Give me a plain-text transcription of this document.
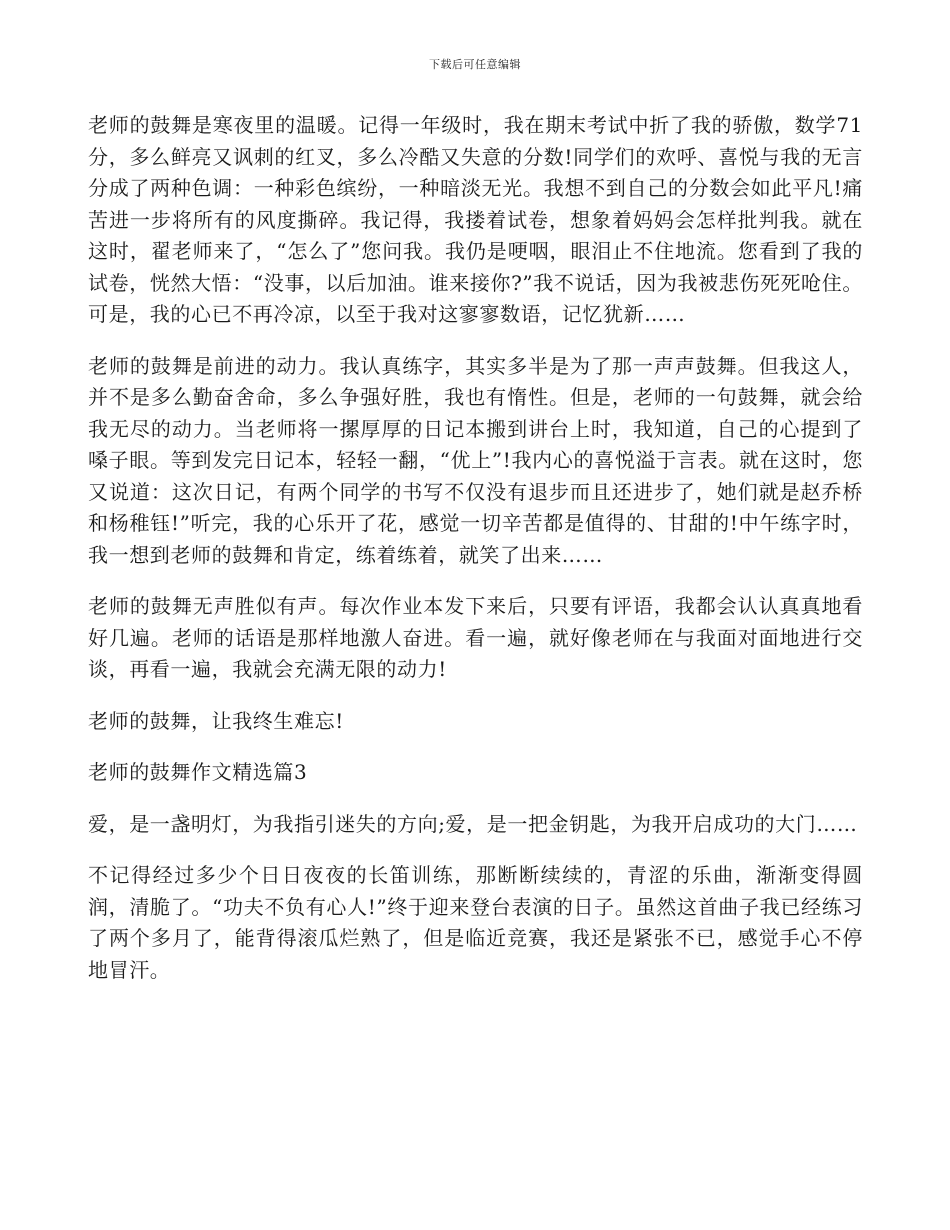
下载后可任意编辑

老师的鼓舞是寒夜里的温暖。记得一年级时，我在期末考试中折了我的骄傲，数学71分，多么鲜亮又讽刺的红叉，多么冷酷又失意的分数!同学们的欢呼、喜悦与我的无言分成了两种色调：一种彩色缤纷，一种暗淡无光。我想不到自己的分数会如此平凡!痛苦进一步将所有的风度撕碎。我记得，我搂着试卷，想象着妈妈会怎样批判我。就在这时，翟老师来了，“怎么了”您问我。我仍是哽咽，眼泪止不住地流。您看到了我的试卷，恍然大悟：“没事，以后加油。谁来接你?”我不说话，因为我被悲伤死死呛住。可是，我的心已不再冷凉，以至于我对这寥寥数语，记忆犹新……

老师的鼓舞是前进的动力。我认真练字，其实多半是为了那一声声鼓舞。但我这人，并不是多么勤奋舍命，多么争强好胜，我也有惰性。但是，老师的一句鼓舞，就会给我无尽的动力。当老师将一摞厚厚的日记本搬到讲台上时，我知道，自己的心提到了嗓子眼。等到发完日记本，轻轻一翻，“优上”!我内心的喜悦溢于言表。就在这时，您又说道：这次日记，有两个同学的书写不仅没有退步而且还进步了，她们就是赵乔桥和杨稚钰!”听完，我的心乐开了花，感觉一切辛苦都是值得的、甘甜的!中午练字时，我一想到老师的鼓舞和肯定，练着练着，就笑了出来……

老师的鼓舞无声胜似有声。每次作业本发下来后，只要有评语，我都会认认真真地看好几遍。老师的话语是那样地激人奋进。看一遍，就好像老师在与我面对面地进行交谈，再看一遍，我就会充满无限的动力!

老师的鼓舞，让我终生难忘!

老师的鼓舞作文精选篇3

爱，是一盏明灯，为我指引迷失的方向;爱，是一把金钥匙，为我开启成功的大门……

不记得经过多少个日日夜夜的长笛训练，那断断续续的，青涩的乐曲，渐渐变得圆润，清脆了。“功夫不负有心人!”终于迎来登台表演的日子。虽然这首曲子我已经练习了两个多月了，能背得滚瓜烂熟了，但是临近竞赛，我还是紧张不已，感觉手心不停地冒汗。
